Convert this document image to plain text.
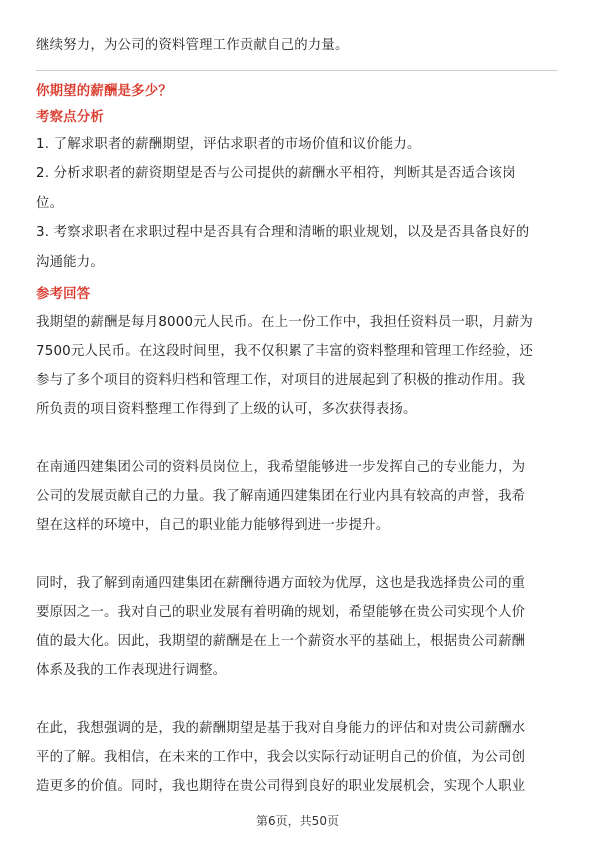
继续努力，为公司的资料管理工作贡献自己的力量。
你期望的薪酬是多少？
考察点分析
1. 了解求职者的薪酬期望，评估求职者的市场价值和议价能力。
2. 分析求职者的薪资期望是否与公司提供的薪酬水平相符，判断其是否适合该岗
位。
3. 考察求职者在求职过程中是否具有合理和清晰的职业规划，以及是否具备良好的
沟通能力。
参考回答
我期望的薪酬是每月8000元人民币。在上一份工作中，我担任资料员一职，月薪为
7500元人民币。在这段时间里，我不仅积累了丰富的资料整理和管理工作经验，还
参与了多个项目的资料归档和管理工作，对项目的进展起到了积极的推动作用。我
所负责的项目资料整理工作得到了上级的认可，多次获得表扬。
在南通四建集团公司的资料员岗位上，我希望能够进一步发挥自己的专业能力，为
公司的发展贡献自己的力量。我了解南通四建集团在行业内具有较高的声誉，我希
望在这样的环境中，自己的职业能力能够得到进一步提升。
同时，我了解到南通四建集团在薪酬待遇方面较为优厚，这也是我选择贵公司的重
要原因之一。我对自己的职业发展有着明确的规划，希望能够在贵公司实现个人价
值的最大化。因此，我期望的薪酬是在上一个薪资水平的基础上，根据贵公司薪酬
体系及我的工作表现进行调整。
在此，我想强调的是，我的薪酬期望是基于我对自身能力的评估和对贵公司薪酬水
平的了解。我相信，在未来的工作中，我会以实际行动证明自己的价值，为公司创
造更多的价值。同时，我也期待在贵公司得到良好的职业发展机会，实现个人职业
第6页，共50页
